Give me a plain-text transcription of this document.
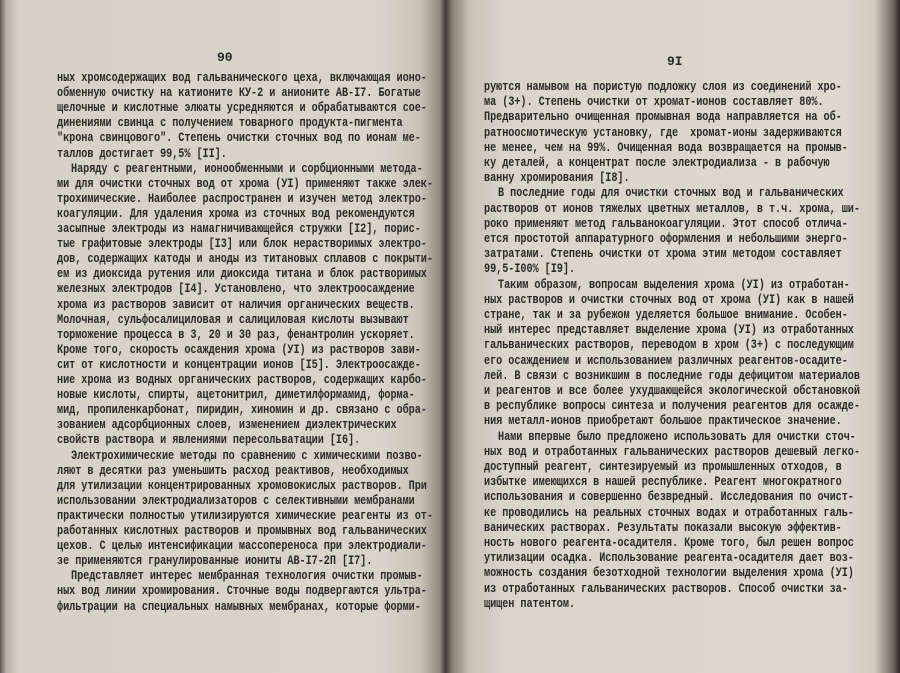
90
ных хромсодержащих вод гальванического цеха, включающая ионо-
обменную очистку на катионите КУ-2 и анионите АВ-I7. Богатые
щелочные и кислотные элюаты усредняются и обрабатываются сое-
динениями свинца с получением товарного продукта-пигмента
"крона свинцового". Степень очистки сточных вод по ионам ме-
таллов достигает 99,5% [II].
Наряду с реагентными, ионообменными и сорбционными метода-
ми для очистки сточных вод от хрома (УI) применяют также элек-
трохимические. Наиболее распространен и изучен метод электро-
коагуляции. Для удаления хрома из сточных вод рекомендуются
засыпные электроды из намагничивающейся стружки [I2], порис-
тые графитовые электроды [I3] или блок нерастворимых электро-
дов, содержащих катоды и аноды из титановых сплавов с покрыти-
ем из диоксида рутения или диоксида титана и блок растворимых
железных электродов [I4]. Установлено, что электроосаждение
хрома из растворов зависит от наличия органических веществ.
Молочная, сульфосалициловая и салициловая кислоты вызывают
торможение процесса в 3, 20 и 30 раз, фенантролин ускоряет.
Кроме того, скорость осаждения хрома (УI) из растворов зави-
сит от кислотности и концентрации ионов [I5]. Электроосажде-
ние хрома из водных органических растворов, содержащих карбо-
новые кислоты, спирты, ацетонитрил, диметилформамид, форма-
мид, пропиленкарбонат, пиридин, хиномин и др. связано с обра-
зованием адсорбционных слоев, изменением диэлектрических
свойств раствора и явлениями пересольватации [I6].
Электрохимические методы по сравнению с химическими позво-
ляют в десятки раз уменьшить расход реактивов, необходимых
для утилизации концентрированных хромовокислых растворов. При
использовании электродиализаторов с селективными мембранами
практически полностью утилизируются химические реагенты из от-
работанных кислотных растворов и промывных вод гальванических
цехов. С целью интенсификации массопереноса при электродиали-
зе применяются гранулированные иониты АВ-I7-2П [I7].
Представляет интерес мембранная технология очистки промыв-
ных вод линии хромирования. Сточные воды подвергаются ультра-
фильтрации на специальных намывных мембранах, которые форми-
9I
руются намывом на пористую подложку слоя из соединений хро-
ма (3+). Степень очистки от хромат-ионов составляет 80%.
Предварительно очищенная промывная вода направляется на об-
ратноосмотическую установку, где  хромат-ионы задерживаются
не менее, чем на 99%. Очищенная вода возвращается на промыв-
ку деталей, а концентрат после электродиализа - в рабочую
ванну хромирования [I8].
В последние годы для очистки сточных вод и гальванических
растворов от ионов тяжелых цветных металлов, в т.ч. хрома, ши-
роко применяют метод гальванокоагуляции. Этот способ отлича-
ется простотой аппаратурного оформления и небольшими энерго-
затратами. Степень очистки от хрома этим методом составляет
99,5-I00% [I9].
Таким образом, вопросам выделения хрома (УI) из отработан-
ных растворов и очистки сточных вод от хрома (УI) как в нашей
стране, так и за рубежом уделяется большое внимание. Особен-
ный интерес представляет выделение хрома (УI) из отработанных
гальванических растворов, переводом в хром (3+) с последующим
его осаждением и использованием различных реагентов-осадите-
лей. В связи с возникшим в последние годы дефицитом материалов
и реагентов и все более ухудшающейся экологической обстановкой
в республике вопросы синтеза и получения реагентов для осажде-
ния металл-ионов приобретают большое практическое значение.
Нами впервые было предложено использовать для очистки сточ-
ных вод и отработанных гальванических растворов дешевый легко-
доступный реагент, синтезируемый из промышленных отходов, в
избытке имеющихся в нашей республике. Реагент многократного
использования и совершенно безвредный. Исследования по очист-
ке проводились на реальных сточных водах и отработанных галь-
ванических растворах. Результаты показали высокую эффектив-
ность нового реагента-осадителя. Кроме того, был решен вопрос
утилизации осадка. Использование реагента-осадителя дает воз-
можность создания безотходной технологии выделения хрома (УI)
из отработанных гальванических растворов. Способ очистки за-
щищен патентом.
